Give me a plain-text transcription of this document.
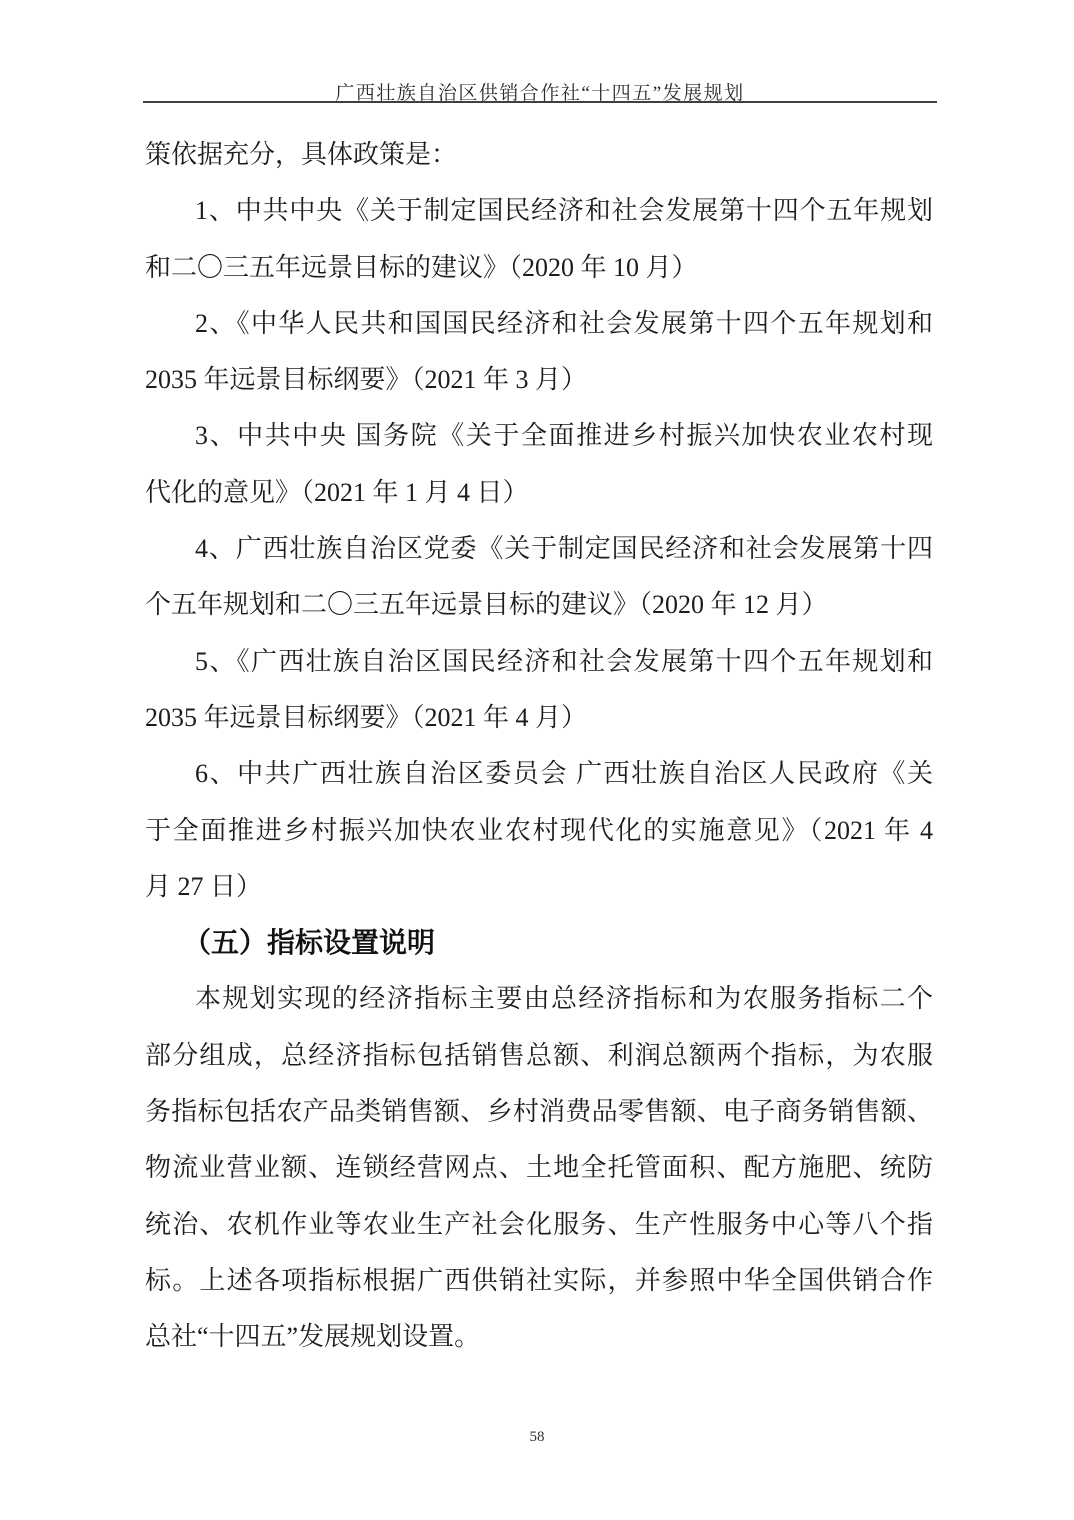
广西壮族自治区供销合作社“十四五”发展规划
策依据充分，具体政策是：
1、中共中央《关于制定国民经济和社会发展第十四个五年规划
和二〇三五年远景目标的建议》（2020 年 10 月）
2、《中华人民共和国国民经济和社会发展第十四个五年规划和
2035 年远景目标纲要》（2021 年 3 月）
3、中共中央 国务院《关于全面推进乡村振兴加快农业农村现
代化的意见》（2021 年 1 月 4 日）
4、广西壮族自治区党委《关于制定国民经济和社会发展第十四
个五年规划和二〇三五年远景目标的建议》（2020 年 12 月）
5、《广西壮族自治区国民经济和社会发展第十四个五年规划和
2035 年远景目标纲要》（2021 年 4 月）
6、中共广西壮族自治区委员会 广西壮族自治区人民政府《关
于全面推进乡村振兴加快农业农村现代化的实施意见》（2021 年 4
月 27 日）
（五）指标设置说明
本规划实现的经济指标主要由总经济指标和为农服务指标二个
部分组成，总经济指标包括销售总额、利润总额两个指标，为农服
务指标包括农产品类销售额、乡村消费品零售额、电子商务销售额、
物流业营业额、连锁经营网点、土地全托管面积、配方施肥、统防
统治、农机作业等农业生产社会化服务、生产性服务中心等八个指
标。上述各项指标根据广西供销社实际，并参照中华全国供销合作
总社“十四五”发展规划设置。
58
